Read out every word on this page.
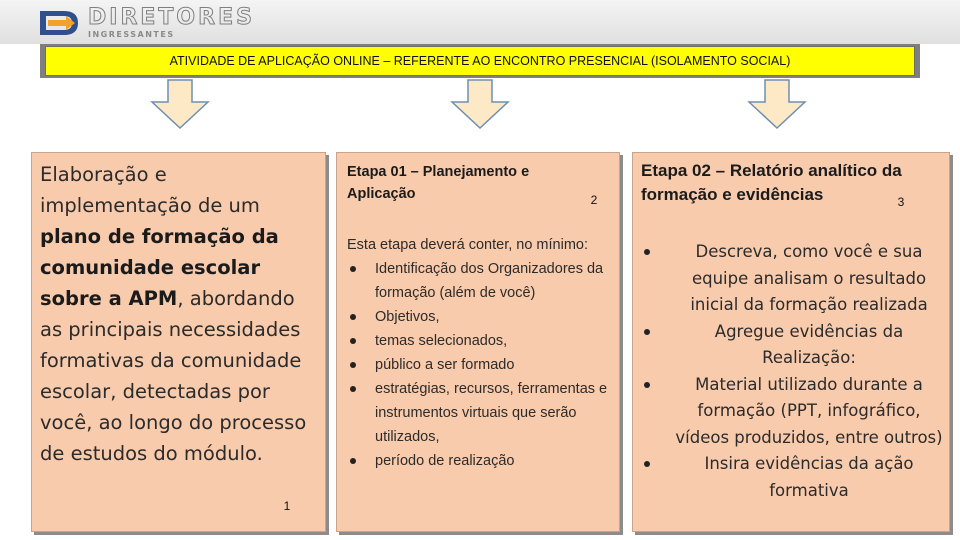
DIRETORES
INGRESSANTES
ATIVIDADE DE APLICAÇÃO ONLINE – REFERENTE AO ENCONTRO PRESENCIAL (ISOLAMENTO SOCIAL)
Elaboração e implementação de um plano de formação da comunidade escolar sobre a APM, abordando as principais necessidades formativas da comunidade escolar, detectadas por você, ao longo do processo de estudos do módulo.
1
Etapa 01 – Planejamento e Aplicação	2
Esta etapa deverá conter, no mínimo:
Identificação dos Organizadores da formação (além de você)
Objetivos,
temas selecionados,
público a ser formado
estratégias, recursos, ferramentas e instrumentos virtuais que serão utilizados,
período de realização
Etapa 02 – Relatório analítico da formação e evidências	3
Descreva, como você e sua equipe analisam o resultado inicial da formação realizada
Agregue evidências da Realização:
Material utilizado durante a formação (PPT, infográfico, vídeos produzidos, entre outros)
Insira evidências da ação formativa
